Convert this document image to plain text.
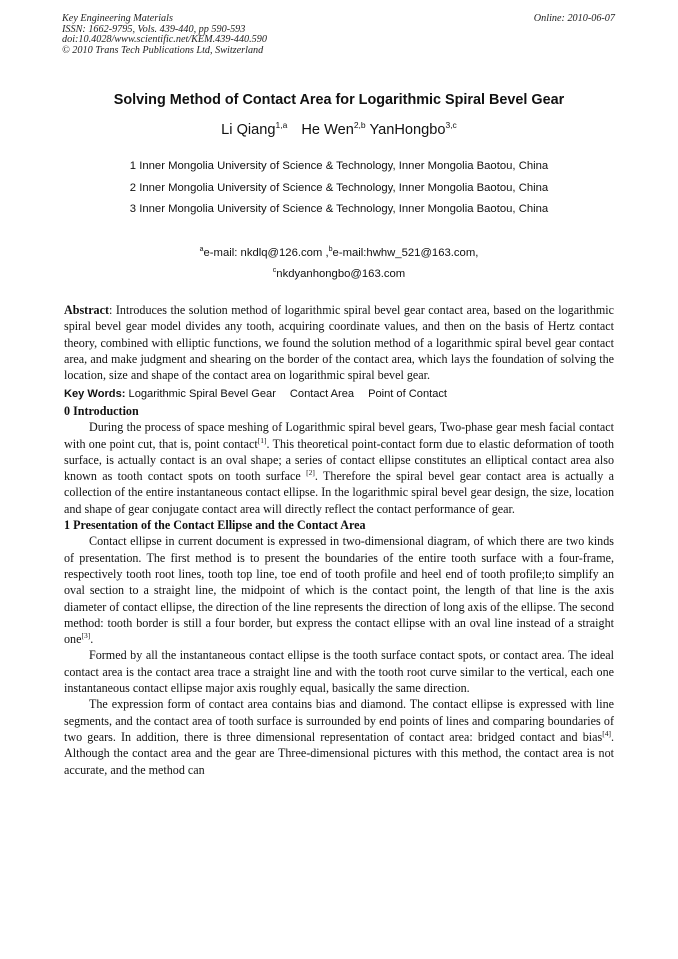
Key Engineering Materials
ISSN: 1662-9795, Vols. 439-440, pp 590-593
doi:10.4028/www.scientific.net/KEM.439-440.590
© 2010 Trans Tech Publications Ltd, Switzerland
Online: 2010-06-07
Solving Method of Contact Area for Logarithmic Spiral Bevel Gear
Li Qiang$^{1,a}$ He Wen$^{2,b}$ YanHongbo$^{3,c}$
1 Inner Mongolia University of Science & Technology, Inner Mongolia Baotou, China
2 Inner Mongolia University of Science & Technology, Inner Mongolia Baotou, China
3 Inner Mongolia University of Science & Technology, Inner Mongolia Baotou, China
$^a$e-mail: nkdlq@126.com ,$^b$e-mail:hwhw_521@163.com,
$^c$nkdyanhongbo@163.com

Abstract: Introduces the solution method of logarithmic spiral bevel gear contact area, based on the logarithmic spiral bevel gear model divides any tooth, acquiring coordinate values, and then on the basis of Hertz contact theory, combined with elliptic functions, we found the solution method of a logarithmic spiral bevel gear contact area, and make judgment and shearing on the border of the contact area, which lays the foundation of solving the location, size and shape of the contact area on logarithmic spiral bevel gear.

Key Words: Logarithmic Spiral Bevel Gear Contact Area Point of Contact

0 Introduction

During the process of space meshing of Logarithmic spiral bevel gears, Two-phase gear mesh facial contact with one point cut, that is, point contact[1]. This theoretical point-contact form due to elastic deformation of tooth surface, is actually contact is an oval shape; a series of contact ellipse constitutes an elliptical contact area also known as tooth contact spots on tooth surface [2]. Therefore the spiral bevel gear contact area is actually a collection of the entire instantaneous contact ellipse. In the logarithmic spiral bevel gear design, the size, location and shape of gear conjugate contact area will directly reflect the contact performance of gear.

1 Presentation of the Contact Ellipse and the Contact Area

Contact ellipse in current document is expressed in two-dimensional diagram, of which there are two kinds of presentation. The first method is to present the boundaries of the entire tooth surface with a four-frame, respectively tooth root lines, tooth top line, toe end of tooth profile and heel end of tooth profile;to simplify an oval section to a straight line, the midpoint of which is the contact point, the length of that line is the axis diameter of contact ellipse, the direction of the line represents the direction of long axis of the ellipse. The second method: tooth border is still a four border, but express the contact ellipse with an oval line instead of a straight one[3].

Formed by all the instantaneous contact ellipse is the tooth surface contact spots, or contact area. The ideal contact area is the contact area trace a straight line and with the tooth root curve similar to the vertical, each one instantaneous contact ellipse major axis roughly equal, basically the same direction.

The expression form of contact area contains bias and diamond. The contact ellipse is expressed with line segments, and the contact area of tooth surface is surrounded by end points of lines and comparing boundaries of two gears. In addition, there is three dimensional representation of contact area: bridged contact and bias[4]. Although the contact area and the gear are Three-dimensional pictures with this method, the contact area is not accurate, and the method can
